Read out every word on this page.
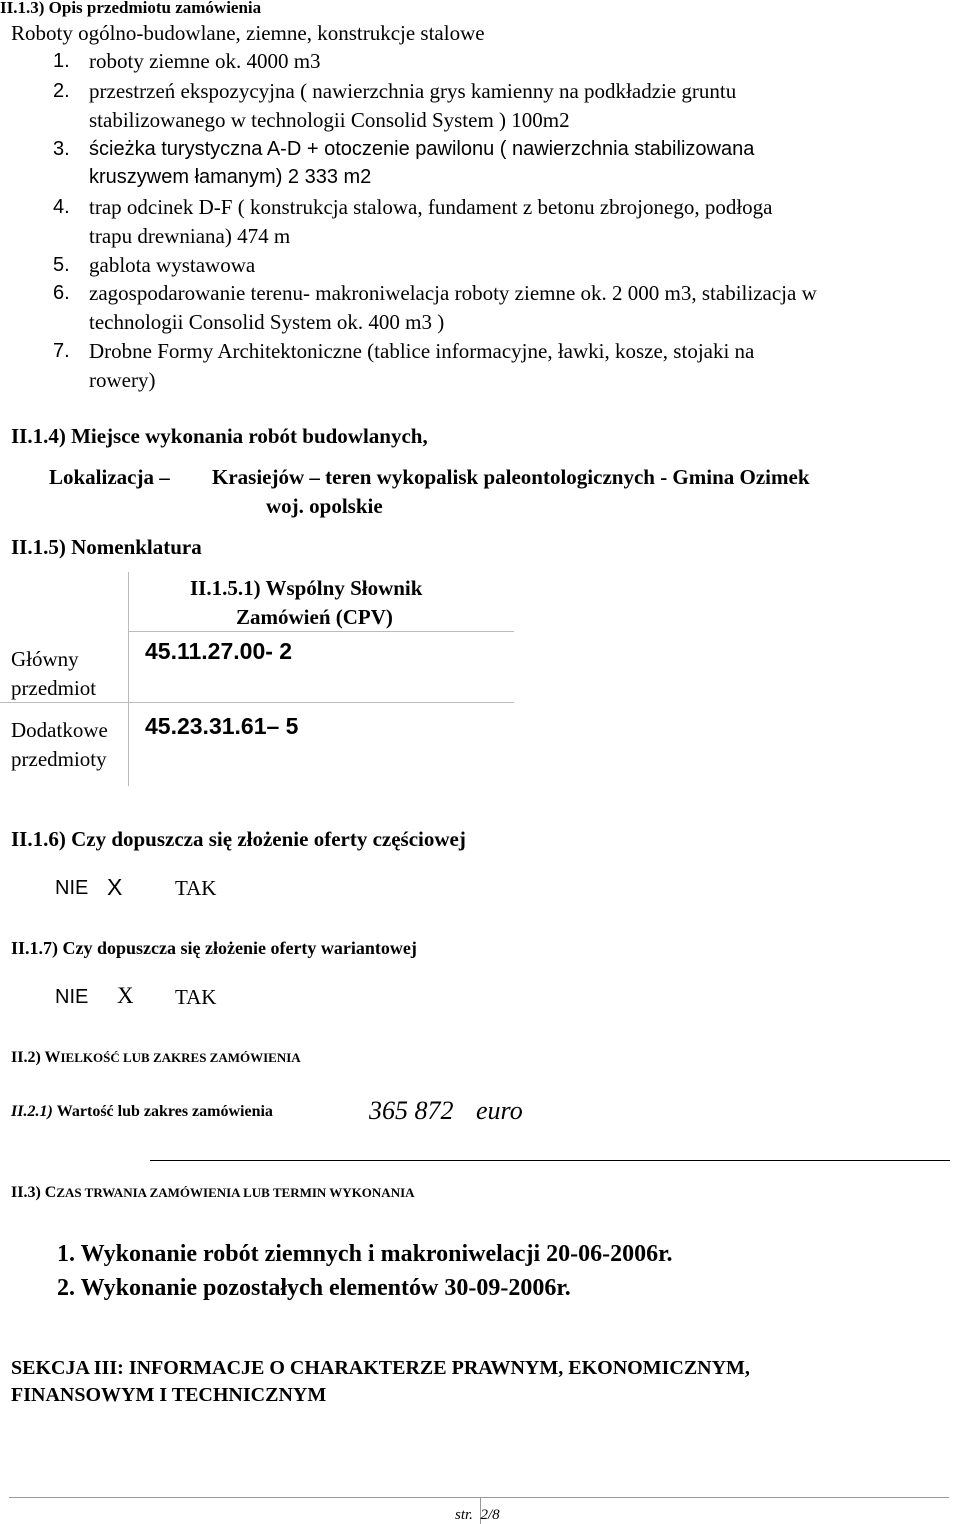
II.1.3) Opis przedmiotu zamówienia
Roboty ogólno-budowlane, ziemne, konstrukcje stalowe
1. roboty ziemne ok. 4000 m3
2. przestrzeń ekspozycyjna ( nawierzchnia grys kamienny na podkładzie gruntu
stabilizowanego w technologii Consolid System ) 100m2
3. ścieżka turystyczna A-D + otoczenie pawilonu ( nawierzchnia stabilizowana
kruszywem łamanym) 2 333 m2
4. trap odcinek D-F ( konstrukcja stalowa, fundament z betonu zbrojonego, podłoga
trapu drewniana) 474 m
5. gablota wystawowa
6. zagospodarowanie terenu- makroniwelacja roboty ziemne ok. 2 000 m3, stabilizacja w
technologii Consolid System ok. 400 m3 )
7. Drobne Formy Architektoniczne (tablice informacyjne, ławki, kosze, stojaki na
rowery)
II.1.4) Miejsce wykonania robót budowlanych,
Lokalizacja – Krasiejów – teren wykopalisk paleontologicznych - Gmina Ozimek
woj. opolskie
II.1.5) Nomenklatura
II.1.5.1) Wspólny Słownik
Zamówień (CPV)
Główny
przedmiot
45.11.27.00- 2
Dodatkowe
przedmioty
45.23.31.61– 5
II.1.6) Czy dopuszcza się złożenie oferty częściowej
NIE X	TAK
II.1.7) Czy dopuszcza się złożenie oferty wariantowej
NIE X TAK
II.2) WIELKOŚĆ LUB ZAKRES ZAMÓWIENIA
II.2.1) Wartość lub zakres zamówienia	365 872 euro
II.3) CZAS TRWANIA ZAMÓWIENIA LUB TERMIN WYKONANIA
1. Wykonanie robót ziemnych i makroniwelacji 20-06-2006r.
2. Wykonanie pozostałych elementów 30-09-2006r.
SEKCJA III: INFORMACJE O CHARAKTERZE PRAWNYM, EKONOMICZNYM,
FINANSOWYM I TECHNICZNYM
str. 2/8
